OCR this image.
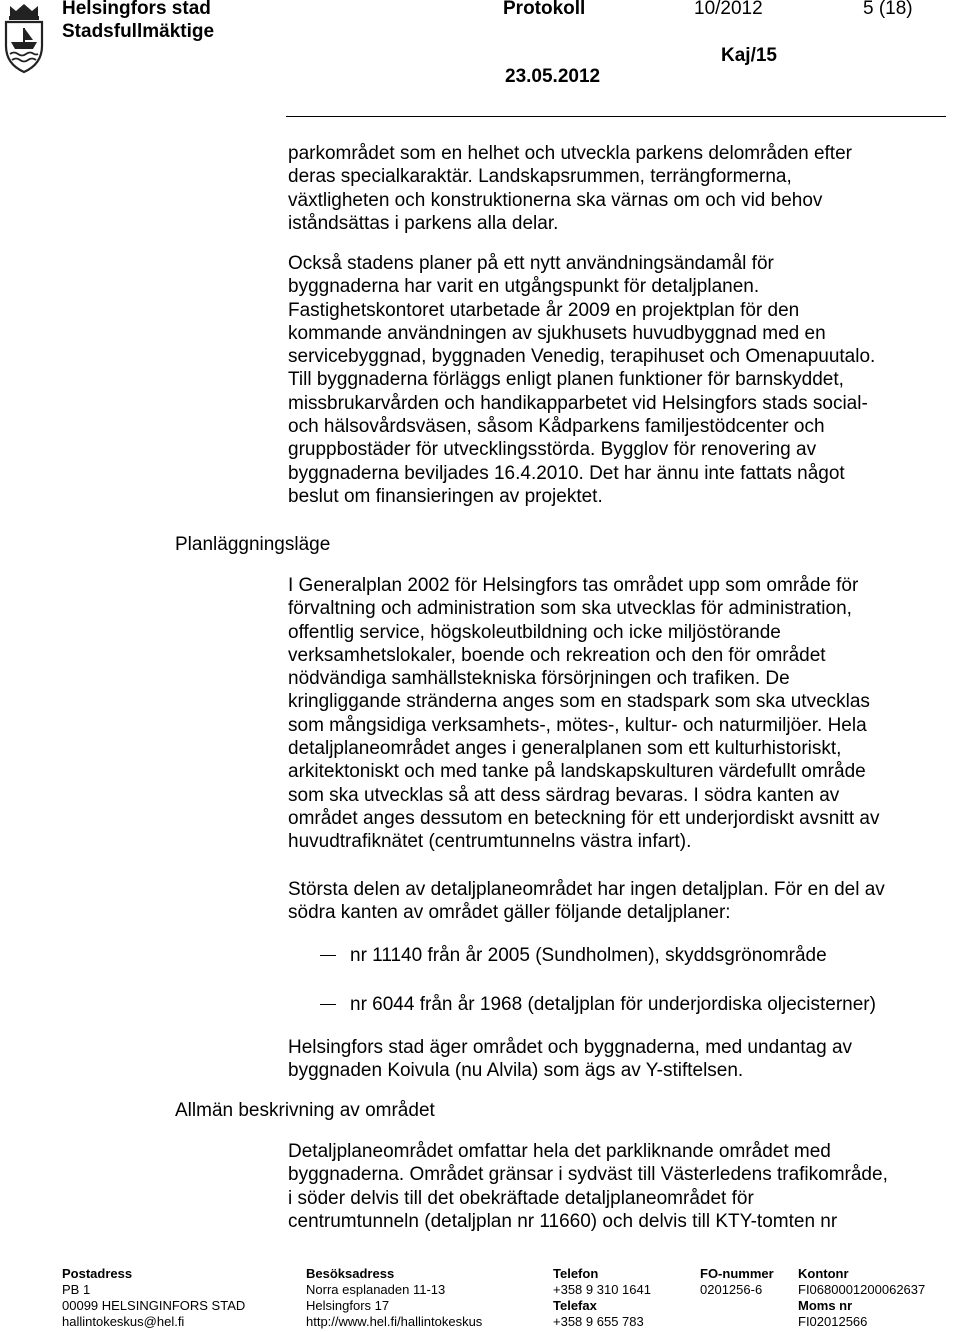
Helsingfors stad
Stadsfullmäktige
Protokoll	10/2012	5 (18)
Kaj/15
23.05.2012
Planläggningsläge
Allmän beskrivning av området
parkområdet som en helhet och utveckla parkens delområden efter
deras specialkaraktär. Landskapsrummen, terrängformerna,
växtligheten och konstruktionerna ska värnas om och vid behov
iståndsättas i parkens alla delar.
Också stadens planer på ett nytt användningsändamål för
byggnaderna har varit en utgångspunkt för detaljplanen.
Fastighetskontoret utarbetade år 2009 en projektplan för den
kommande användningen av sjukhusets huvudbyggnad med en
servicebyggnad, byggnaden Venedig, terapihuset och Omenapuutalo.
Till byggnaderna förläggs enligt planen funktioner för barnskyddet,
missbrukarvården och handikapparbetet vid Helsingfors stads social-
och hälsovårdsväsen, såsom Kådparkens familjestödcenter och
gruppbostäder för utvecklingsstörda. Bygglov för renovering av
byggnaderna beviljades 16.4.2010. Det har ännu inte fattats något
beslut om finansieringen av projektet.
I Generalplan 2002 för Helsingfors tas området upp som område för
förvaltning och administration som ska utvecklas för administration,
offentlig service, högskoleutbildning och icke miljöstörande
verksamhetslokaler, boende och rekreation och den för området
nödvändiga samhällstekniska försörjningen och trafiken. De
kringliggande stränderna anges som en stadspark som ska utvecklas
som mångsidiga verksamhets-, mötes-, kultur- och naturmiljöer. Hela
detaljplaneområdet anges i generalplanen som ett kulturhistoriskt,
arkitektoniskt och med tanke på landskapskulturen värdefullt område
som ska utvecklas så att dess särdrag bevaras. I södra kanten av
området anges dessutom en beteckning för ett underjordiskt avsnitt av
huvudtrafiknätet (centrumtunnelns västra infart).
Största delen av detaljplaneområdet har ingen detaljplan. För en del av
södra kanten av området gäller följande detaljplaner:
nr 11140 från år 2005 (Sundholmen), skyddsgrönområde
nr 6044 från år 1968 (detaljplan för underjordiska oljecisterner)
Helsingfors stad äger området och byggnaderna, med undantag av
byggnaden Koivula (nu Alvila) som ägs av Y-stiftelsen.
Detaljplaneområdet omfattar hela det parkliknande området med
byggnaderna. Området gränsar i sydväst till Västerledens trafikområde,
i söder delvis till det obekräftade detaljplaneområdet för
centrumtunneln (detaljplan nr 11660) och delvis till KTY-tomten nr
Postadress
PB 1
00099 HELSINGINFORS STAD
hallintokeskus@hel.fi
Besöksadress
Norra esplanaden 11-13
Helsingfors 17
http://www.hel.fi/hallintokeskus
Telefon
+358 9 310 1641
Telefax
+358 9 655 783
FO-nummer
0201256-6
Kontonr
FI0680001200062637
Moms nr
FI02012566
